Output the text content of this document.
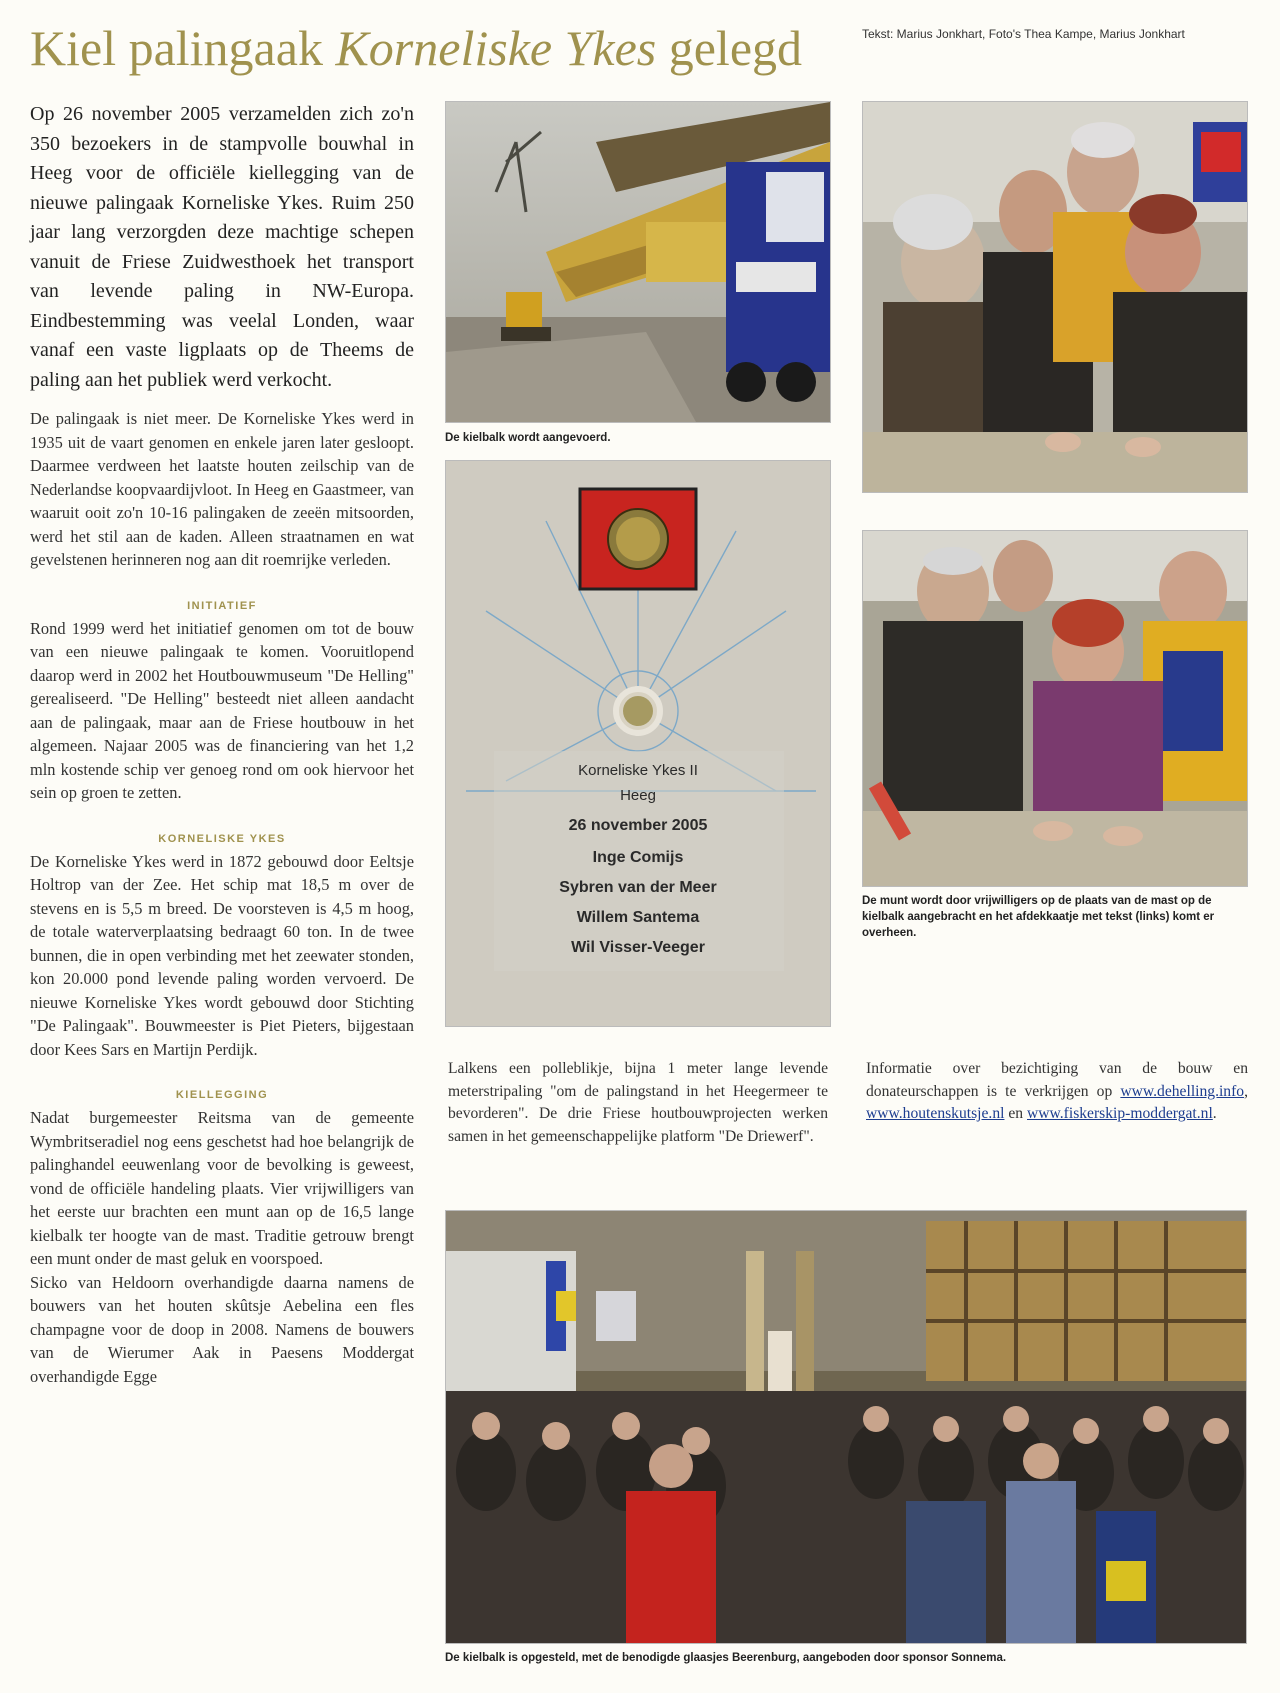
Kiel palingaak Korneliske Ykes gelegd	Tekst: Marius Jonkhart, Foto's Thea Kampe, Marius Jonkhart

Op 26 november 2005 verzamelden zich zo'n 350 bezoekers in de stampvolle bouwhal in Heeg voor de officiële kiellegging van de nieuwe palingaak Korneliske Ykes. Ruim 250 jaar lang verzorgden deze machtige schepen vanuit de Friese Zuidwesthoek het transport van levende paling in NW-Europa. Eindbestemming was veelal Londen, waar vanaf een vaste ligplaats op de Theems de paling aan het publiek werd verkocht.

De palingaak is niet meer. De Korneliske Ykes werd in 1935 uit de vaart genomen en enkele jaren later gesloopt. Daarmee verdween het laatste houten zeilschip van de Nederlandse koopvaardijvloot. In Heeg en Gaastmeer, van waaruit ooit zo'n 10-16 palingaken de zeeën mitsoorden, werd het stil aan de kaden. Alleen straatnamen en wat gevelstenen herinneren nog aan dit roemrijke verleden.

INITIATIEF

Rond 1999 werd het initiatief genomen om tot de bouw van een nieuwe palingaak te komen. Vooruitlopend daarop werd in 2002 het Houtbouwmuseum "De Helling" gerealiseerd. "De Helling" besteedt niet alleen aandacht aan de palingaak, maar aan de Friese houtbouw in het algemeen. Najaar 2005 was de financiering van het 1,2 mln kostende schip ver genoeg rond om ook hiervoor het sein op groen te zetten.

KORNELISKE YKES

De Korneliske Ykes werd in 1872 gebouwd door Eeltsje Holtrop van der Zee. Het schip mat 18,5 m over de stevens en is 5,5 m breed. De voorsteven is 4,5 m hoog, de totale waterverplaatsing bedraagt 60 ton. In de twee bunnen, die in open verbinding met het zeewater stonden, kon 20.000 pond levende paling worden vervoerd. De nieuwe Korneliske Ykes wordt gebouwd door Stichting "De Palingaak". Bouwmeester is Piet Pieters, bijgestaan door Kees Sars en Martijn Perdijk.

KIELLEGGING

Nadat burgemeester Reitsma van de gemeente Wymbritseradiel nog eens geschetst had hoe belangrijk de palinghandel eeuwenlang voor de bevolking is geweest, vond de officiële handeling plaats. Vier vrijwilligers van het eerste uur brachten een munt aan op de 16,5 lange kielbalk ter hoogte van de mast. Traditie getrouw brengt een munt onder de mast geluk en voorspoed.

Sicko van Heldoorn overhandigde daarna namens de bouwers van het houten skûtsje Aebelina een fles champagne voor de doop in 2008. Namens de bouwers van de Wierumer Aak in Paesens Moddergat overhandigde Egge

De kielbalk wordt aangevoerd.
Korneliske Ykes II
Heeg
26 november 2005
Inge Comijs
Sybren van der Meer
Willem Santema
Wil Visser-Veeger
De munt wordt door vrijwilligers op de plaats van de mast op de kielbalk aangebracht en het afdekkaatje met tekst (links) komt er overheen.
Lalkens een polleblikje, bijna 1 meter lange levende meterstripaling "om de palingstand in het Heegermeer te bevorderen". De drie Friese houtbouwprojecten werken samen in het gemeenschappelijke platform "De Driewerf".
Informatie over bezichtiging van de bouw en donateurschappen is te verkrijgen op www.dehelling.info, www.houtenskutsje.nl en www.fiskerskip-moddergat.nl.
De kielbalk is opgesteld, met de benodigde glaasjes Beerenburg, aangeboden door sponsor Sonnema.
